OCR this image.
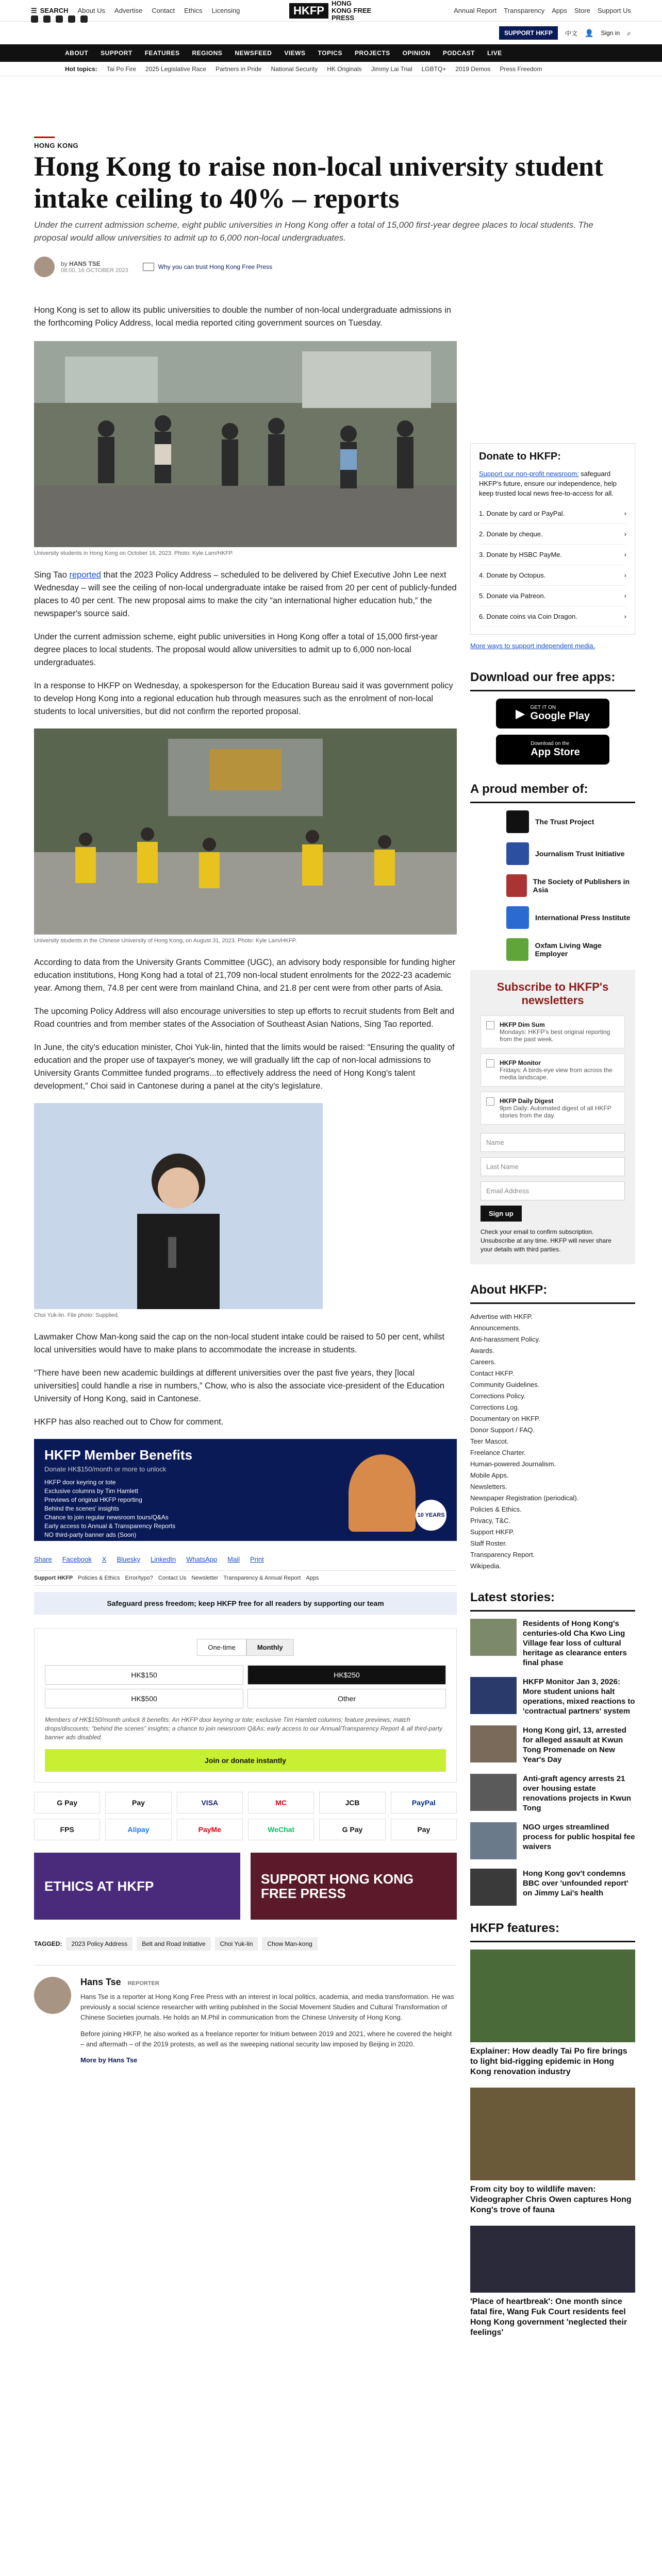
☰ SEARCH About Us Advertise Contact Ethics Licensing	HKFP
HONG KONG FREE PRESS
Annual Report Transparency Apps Store Support Us
SUPPORT HKFP	中文 👤 Sign in ⌕
ABOUT SUPPORT FEATURES REGIONS NEWSFEED VIEWS TOPICS PROJECTS OPINION PODCAST LIVE
Hot topics: Tai Po Fire 2025 Legislative Race Partners in Pride National Security HK Originals Jimmy Lai Trial LGBTQ+ 2019 Demos Press Freedom
HONG KONG
Hong Kong to raise non-local university student intake ceiling to 40% – reports

Under the current admission scheme, eight public universities in Hong Kong offer a total of 15,000 first-year degree places to local students. The proposal would allow universities to admit up to 6,000 non-local undergraduates.

by HANS TSE
08:00, 16 OCTOBER 2023	Why you can trust Hong Kong Free Press

Hong Kong is set to allow its public universities to double the number of non-local undergraduate admissions in the forthcoming Policy Address, local media reported citing government sources on Tuesday.

University students in Hong Kong on October 16, 2023. Photo: Kyle Lam/HKFP.

Sing Tao reported that the 2023 Policy Address – scheduled to be delivered by Chief Executive John Lee next Wednesday – will see the ceiling of non-local undergraduate intake be raised from 20 per cent of publicly-funded places to 40 per cent. The new proposal aims to make the city “an international higher education hub,” the newspaper's source said.

Under the current admission scheme, eight public universities in Hong Kong offer a total of 15,000 first-year degree places to local students. The proposal would allow universities to admit up to 6,000 non-local undergraduates.

In a response to HKFP on Wednesday, a spokesperson for the Education Bureau said it was government policy to develop Hong Kong into a regional education hub through measures such as the enrolment of non-local students to local universities, but did not confirm the reported proposal.

University students in the Chinese University of Hong Kong, on August 31, 2023. Photo: Kyle Lam/HKFP.

According to data from the University Grants Committee (UGC), an advisory body responsible for funding higher education institutions, Hong Kong had a total of 21,709 non-local student enrolments for the 2022-23 academic year. Among them, 74.8 per cent were from mainland China, and 21.8 per cent were from other parts of Asia.

The upcoming Policy Address will also encourage universities to step up efforts to recruit students from Belt and Road countries and from member states of the Association of Southeast Asian Nations, Sing Tao reported.

In June, the city's education minister, Choi Yuk-lin, hinted that the limits would be raised: “Ensuring the quality of education and the proper use of taxpayer's money, we will gradually lift the cap of non-local admissions to University Grants Committee funded programs...to effectively address the need of Hong Kong's talent development,” Choi said in Cantonese during a panel at the city's legislature.

Choi Yuk-lin. File photo: Supplied.

Lawmaker Chow Man-kong said the cap on the non-local student intake could be raised to 50 per cent, whilst local universities would have to make plans to accommodate the increase in students.

“There have been new academic buildings at different universities over the past five years, they [local universities] could handle a rise in numbers,” Chow, who is also the associate vice-president of the Education University of Hong Kong, said in Cantonese.

HKFP has also reached out to Chow for comment.

HKFP Member Benefits
Donate HK$150/month or more to unlock
HKFP door keyring or tote
Exclusive columns by Tim Hamlett
Previews of original HKFP reporting
Behind the scenes' insights
Chance to join regular newsroom tours/Q&As
Early access to Annual & Transparency Reports
NO third-party banner ads (Soon)
10 YEARS
Share Facebook X Bluesky LinkedIn WhatsApp Mail Print
Support HKFP Policies & Ethics Error/typo? Contact Us Newsletter Transparency & Annual Report Apps
Safeguard press freedom; keep HKFP free for all readers by supporting our team
One-time	Monthly
HK$150	HK$250
HK$500	Other

Members of HK$150/month unlock 8 benefits: An HKFP door keyring or tote; exclusive Tim Hamlett columns; feature previews; match drops/discounts; “behind the scenes” insights; a chance to join newsroom Q&As; early access to our Annual/Transparency Report & all third-party banner ads disabled.

Join or donate instantly
G Pay	Pay	VISA	MC	JCB	PayPal
FPS	Alipay	PayMe	WeChat	G Pay	Pay
ETHICS AT HKFP	SUPPORT HONG KONG FREE PRESS
TAGGED:	2023 Policy Address	Belt and Road Initiative	Choi Yuk-lin	Chow Man-kong
Hans Tse REPORTER

Hans Tse is a reporter at Hong Kong Free Press with an interest in local politics, academia, and media transformation. He was previously a social science researcher with writing published in the Social Movement Studies and Cultural Transformation of Chinese Societies journals. He holds an M.Phil in communication from the Chinese University of Hong Kong.

Before joining HKFP, he also worked as a freelance reporter for Initium between 2019 and 2021, where he covered the height – and aftermath – of the 2019 protests, as well as the sweeping national security law imposed by Beijing in 2020.

More by Hans Tse
Donate to HKFP:

Support our non-profit newsroom: safeguard HKFP's future, ensure our independence, help keep trusted local news free-to-access for all.

1. Donate by card or PayPal.	›
2. Donate by cheque.	›
3. Donate by HSBC PayMe.	›
4. Donate by Octopus.	›
5. Donate via Patreon.	›
6. Donate coins via Coin Dragon.	›
More ways to support independent media.
Download our free apps:
▶ GET IT ON
Google Play
Download on the
App Store
A proud member of:
The Trust Project
Journalism Trust Initiative
The Society of Publishers in Asia
International Press Institute
Oxfam Living Wage Employer
Subscribe to HKFP's newsletters
HKFP Dim Sum
Mondays: HKFP's best original reporting from the past week.
HKFP Monitor
Fridays: A birds-eye view from across the media landscape.
HKFP Daily Digest
9pm Daily: Automated digest of all HKFP stories from the day.
Name
Last Name
Email Address
Sign up

Check your email to confirm subscription. Unsubscribe at any time. HKFP will never share your details with third parties.

About HKFP:
Advertise with HKFP.
Announcements.
Anti-harassment Policy.
Awards.
Careers.
Contact HKFP.
Community Guidelines.
Corrections Policy.
Corrections Log.
Documentary on HKFP.
Donor Support / FAQ.
Teer Mascot.
Freelance Charter.
Human-powered Journalism.
Mobile Apps.
Newsletters.
Newspaper Registration (periodical).
Policies & Ethics.
Privacy, T&C.
Support HKFP.
Staff Roster.
Transparency Report.
Wikipedia.
Latest stories:
Residents of Hong Kong's centuries-old Cha Kwo Ling Village fear loss of cultural heritage as clearance enters final phase
HKFP Monitor Jan 3, 2026: More student unions halt operations, mixed reactions to 'contractual partners' system
Hong Kong girl, 13, arrested for alleged assault at Kwun Tong Promenade on New Year's Day
Anti-graft agency arrests 21 over housing estate renovations projects in Kwun Tong
NGO urges streamlined process for public hospital fee waivers
Hong Kong gov't condemns BBC over 'unfounded report' on Jimmy Lai's health
HKFP features:
Explainer: How deadly Tai Po fire brings to light bid-rigging epidemic in Hong Kong renovation industry
From city boy to wildlife maven: Videographer Chris Owen captures Hong Kong's trove of fauna
'Place of heartbreak': One month since fatal fire, Wang Fuk Court residents feel Hong Kong government 'neglected their feelings'
